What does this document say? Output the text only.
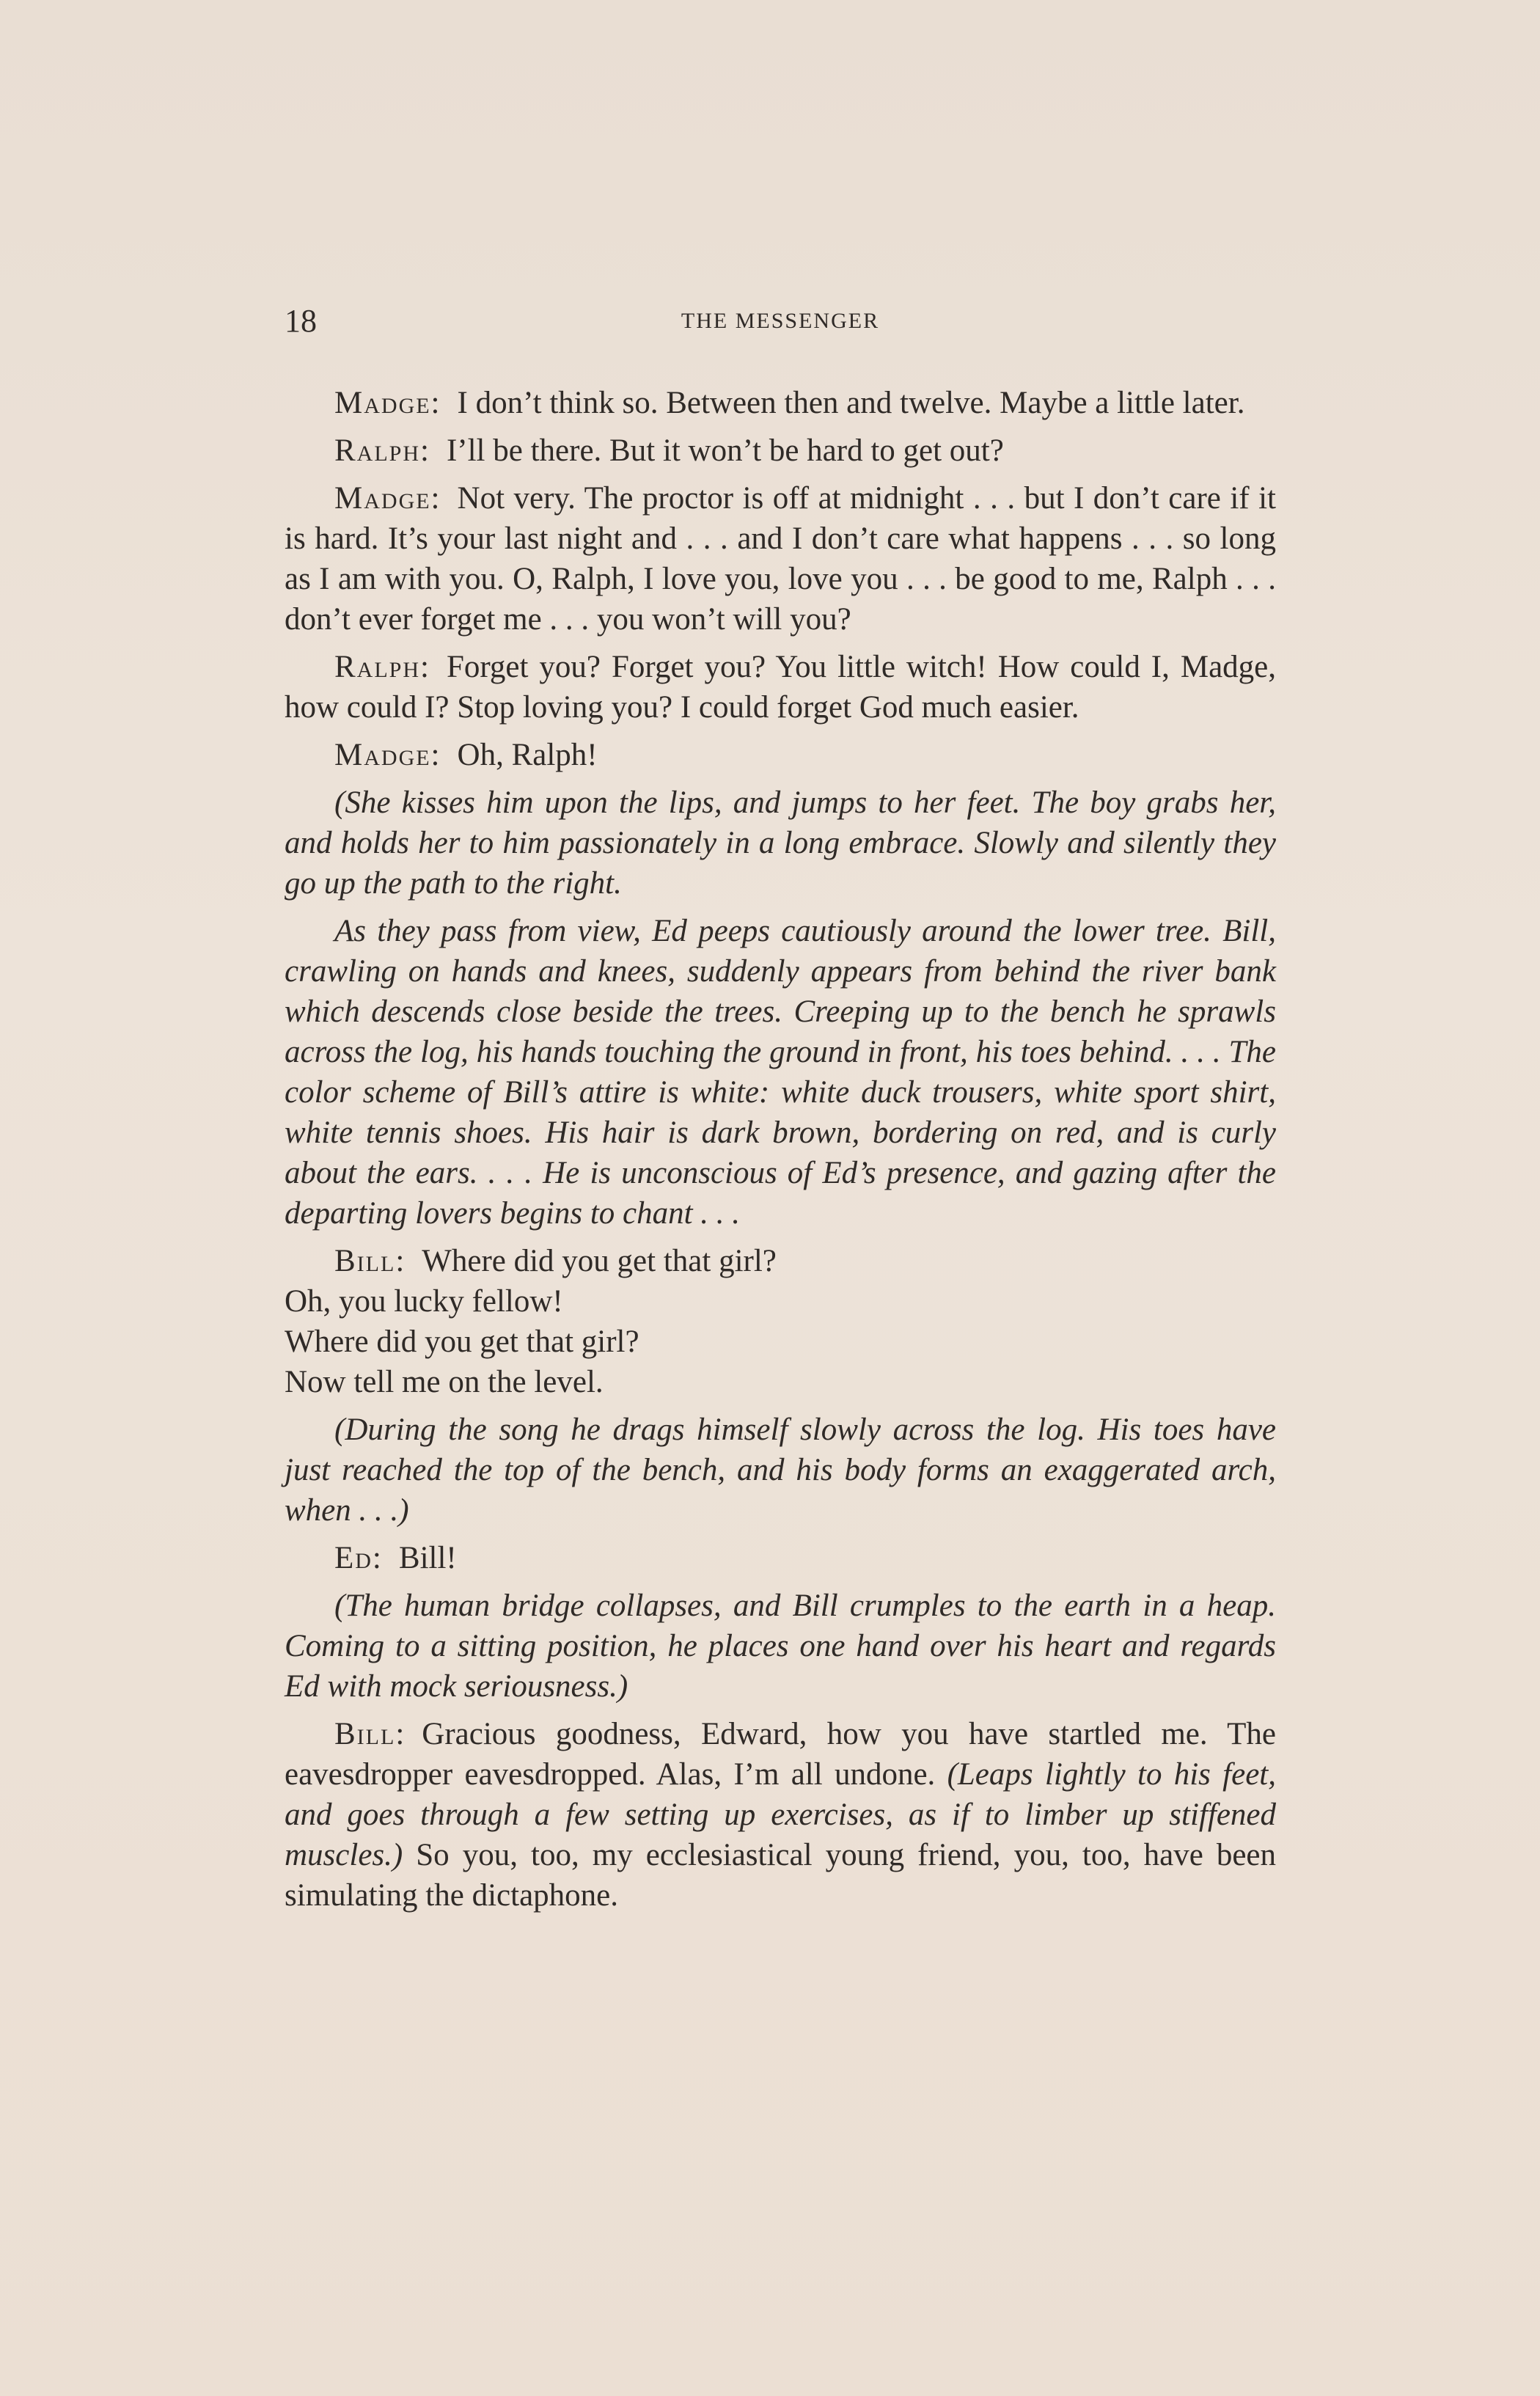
18	THE MESSENGER

Madge: I don’t think so. Between then and twelve. Maybe a little later.

Ralph: I’ll be there. But it won’t be hard to get out?

Madge: Not very. The proctor is off at midnight . . . but I don’t care if it is hard. It’s your last night and . . . and I don’t care what happens . . . so long as I am with you. O, Ralph, I love you, love you . . . be good to me, Ralph . . . don’t ever forget me . . . you won’t will you?

Ralph: Forget you? Forget you? You little witch! How could I, Madge, how could I? Stop loving you? I could forget God much easier.

Madge: Oh, Ralph!

(She kisses him upon the lips, and jumps to her feet. The boy grabs her, and holds her to him passionately in a long embrace. Slowly and silently they go up the path to the right.

As they pass from view, Ed peeps cautiously around the lower tree. Bill, crawling on hands and knees, suddenly appears from behind the river bank which descends close beside the trees. Creeping up to the bench he sprawls across the log, his hands touching the ground in front, his toes behind. . . . The color scheme of Bill’s attire is white: white duck trousers, white sport shirt, white tennis shoes. His hair is dark brown, bordering on red, and is curly about the ears. . . . He is unconscious of Ed’s presence, and gazing after the departing lovers begins to chant . . .

Bill: Where did you get that girl?

Oh, you lucky fellow!

Where did you get that girl?

Now tell me on the level.

(During the song he drags himself slowly across the log. His toes have just reached the top of the bench, and his body forms an exaggerated arch, when . . .)

Ed: Bill!

(The human bridge collapses, and Bill crumples to the earth in a heap. Coming to a sitting position, he places one hand over his heart and regards Ed with mock seriousness.)

Bill: Gracious goodness, Edward, how you have startled me. The eavesdropper eavesdropped. Alas, I’m all undone. (Leaps lightly to his feet, and goes through a few setting up exercises, as if to limber up stiffened muscles.) So you, too, my ecclesiastical young friend, you, too, have been simulating the dictaphone.
